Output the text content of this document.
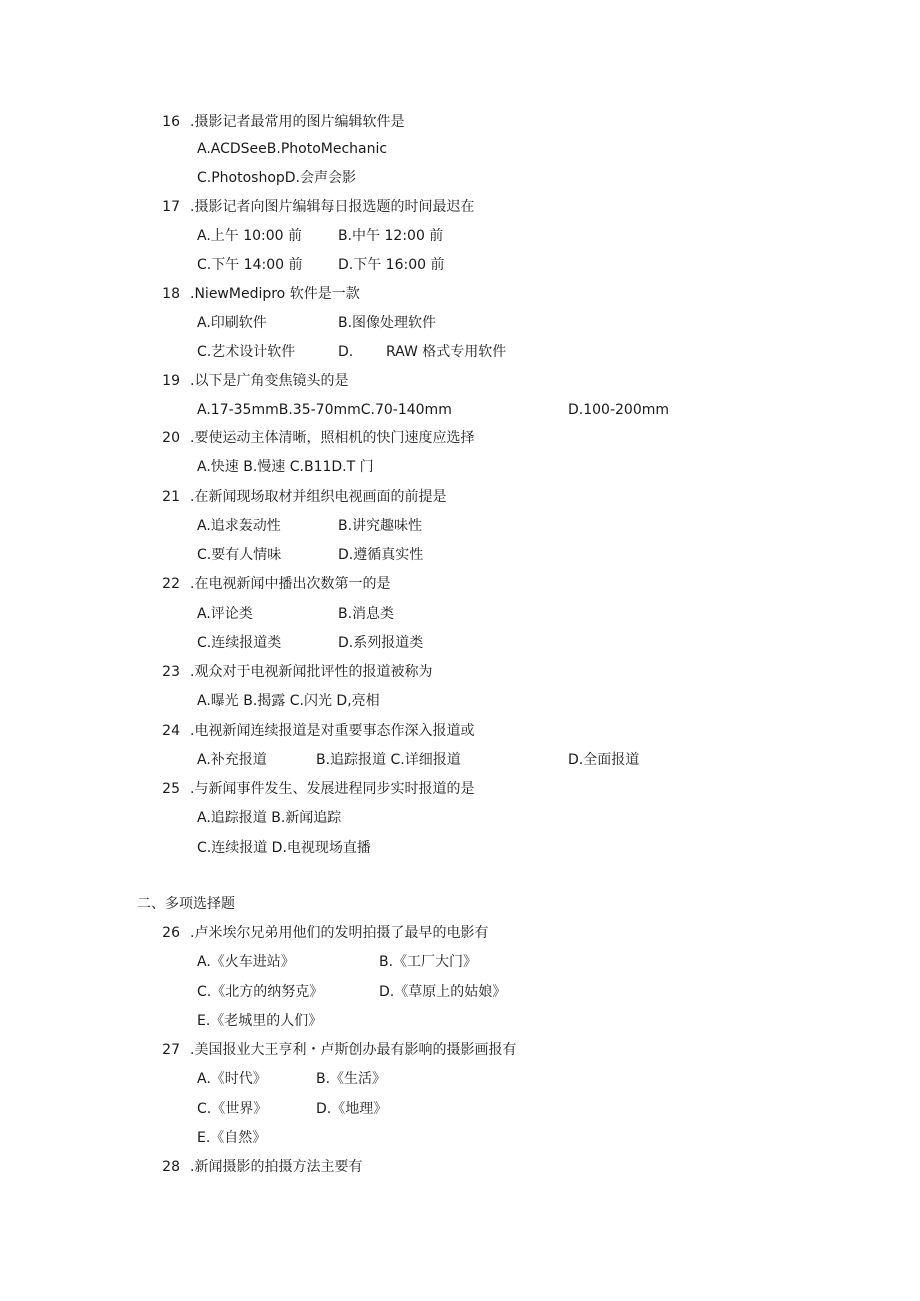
16 .摄影记者最常用的图片编辑软件是
A.ACDSeeB.PhotoMechanic
C.PhotoshopD.会声会影
17 .摄影记者向图片编辑每日报选题的时间最迟在
A.上午 10:00 前	B.中午 12:00 前
C.下午 14:00 前	D.下午 16:00 前
18 .NiewMedipro 软件是一款
A.印刷软件	B.图像处理软件
C.艺术设计软件	D. RAW 格式专用软件
19 .以下是广角变焦镜头的是
A.17-35mmB.35-70mmC.70-140mm	D.100-200mm
20 .要使运动主体清晰，照相机的快门速度应选择
A.快速 B.慢速 C.B11D.T 门
21 .在新闻现场取材并组织电视画面的前提是
A.追求轰动性	B.讲究趣味性
C.要有人情味	D.遵循真实性
22 .在电视新闻中播出次数第一的是
A.评论类	B.消息类
C.连续报道类	D.系列报道类
23 .观众对于电视新闻批评性的报道被称为
A.曝光 B.揭露 C.闪光 D,亮相
24 .电视新闻连续报道是对重要事态作深入报道或
A.补充报道	B.追踪报道 C.详细报道	D.全面报道
25 .与新闻事件发生、发展进程同步实时报道的是
A.追踪报道 B.新闻追踪
C.连续报道 D.电视现场直播
二、多项选择题
26 .卢米埃尔兄弟用他们的发明拍摄了最早的电影有
A.《火车进站》	B.《工厂大门》
C.《北方的纳努克》	D.《草原上的姑娘》
E.《老城里的人们》
27 .美国报业大王亨利・卢斯创办最有影响的摄影画报有
A.《时代》	B.《生活》
C.《世界》	D.《地理》
E.《自然》
28 .新闻摄影的拍摄方法主要有
